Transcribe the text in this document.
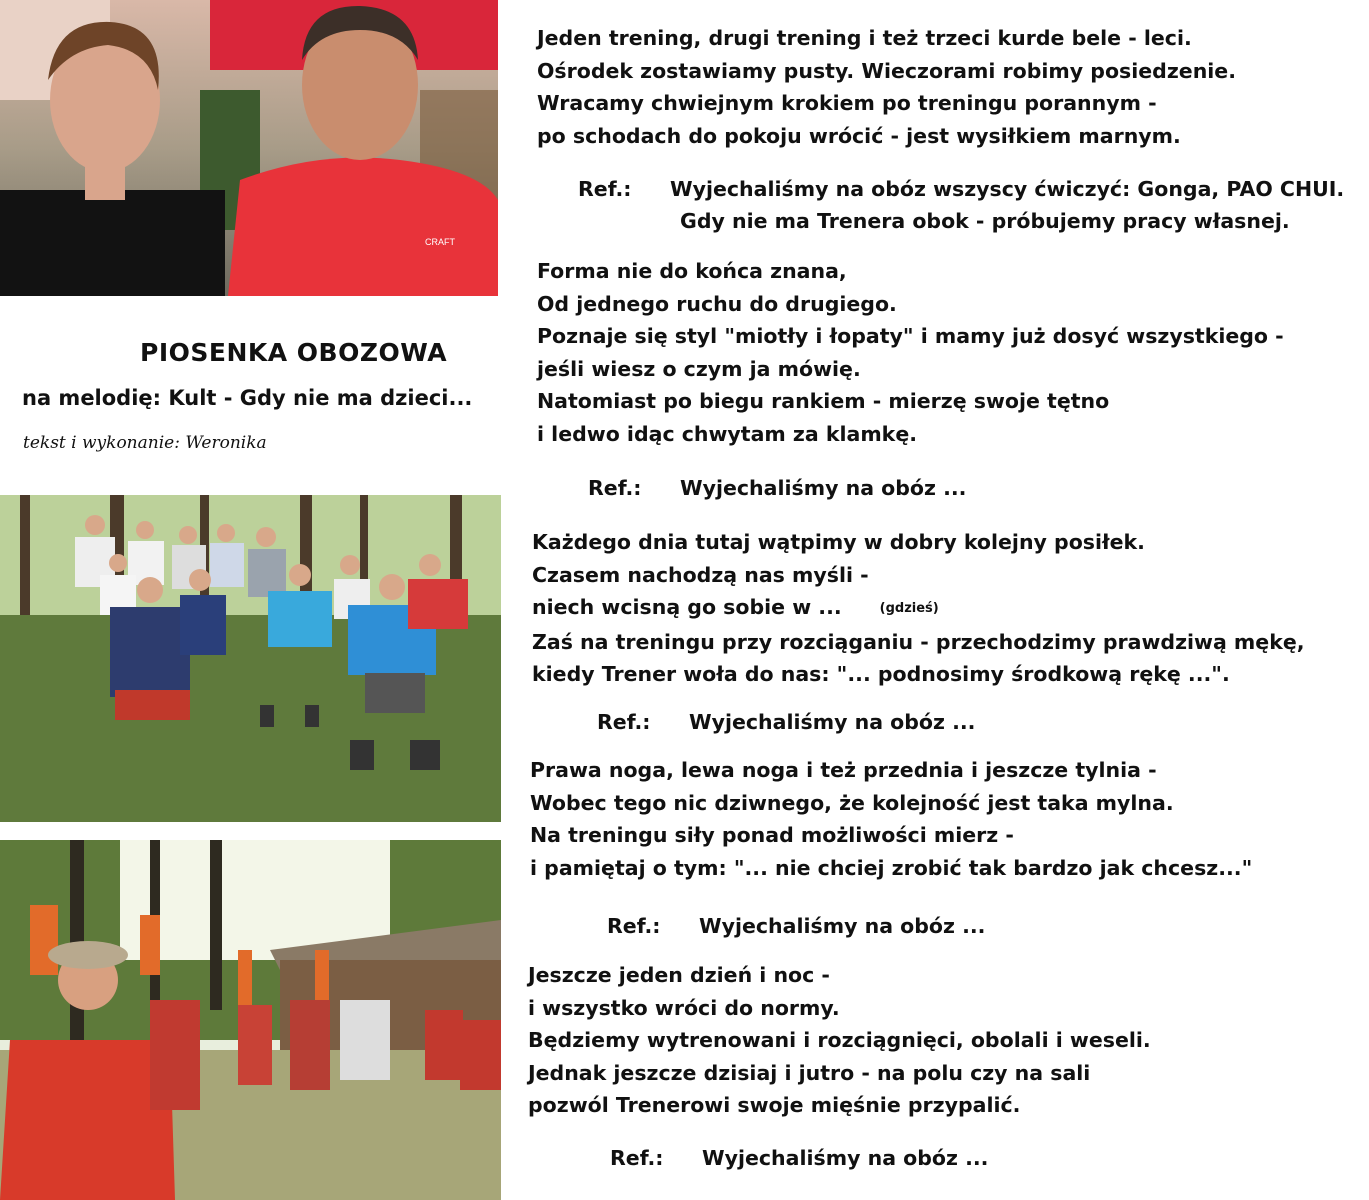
CRAFT
PIOSENKA OBOZOWA
na melodię: Kult - Gdy nie ma dzieci...
tekst i wykonanie: Weronika
Jeden trening, drugi trening i też trzeci kurde bele - leci.
Ośrodek zostawiamy pusty. Wieczorami robimy posiedzenie.
Wracamy chwiejnym krokiem po treningu porannym -
po schodach do pokoju wrócić - jest wysiłkiem marnym.
Ref.: Wyjechaliśmy na obóz wszyscy ćwiczyć: Gonga, PAO CHUI.
Gdy nie ma Trenera obok - próbujemy pracy własnej.
Forma nie do końca znana,
Od jednego ruchu do drugiego.
Poznaje się styl "miotły i łopaty" i mamy już dosyć wszystkiego -
jeśli wiesz o czym ja mówię.
Natomiast po biegu rankiem - mierzę swoje tętno
i ledwo idąc chwytam za klamkę.
Ref.: Wyjechaliśmy na obóz ...
Każdego dnia tutaj wątpimy w dobry kolejny posiłek.
Czasem nachodzą nas myśli -
niech wcisną go sobie w ...	(gdzieś)
Zaś na treningu przy rozciąganiu - przechodzimy prawdziwą mękę,
kiedy Trener woła do nas: "... podnosimy środkową rękę ...".
Ref.: Wyjechaliśmy na obóz ...
Prawa noga, lewa noga i też przednia i jeszcze tylnia -
Wobec tego nic dziwnego, że kolejność jest taka mylna.
Na treningu siły ponad możliwości mierz -
i pamiętaj o tym: "... nie chciej zrobić tak bardzo jak chcesz..."
Ref.: Wyjechaliśmy na obóz ...
Jeszcze jeden dzień i noc -
i wszystko wróci do normy.
Będziemy wytrenowani i rozciągnięci, obolali i weseli.
Jednak jeszcze dzisiaj i jutro - na polu czy na sali
pozwól Trenerowi swoje mięśnie przypalić.
Ref.: Wyjechaliśmy na obóz ...
